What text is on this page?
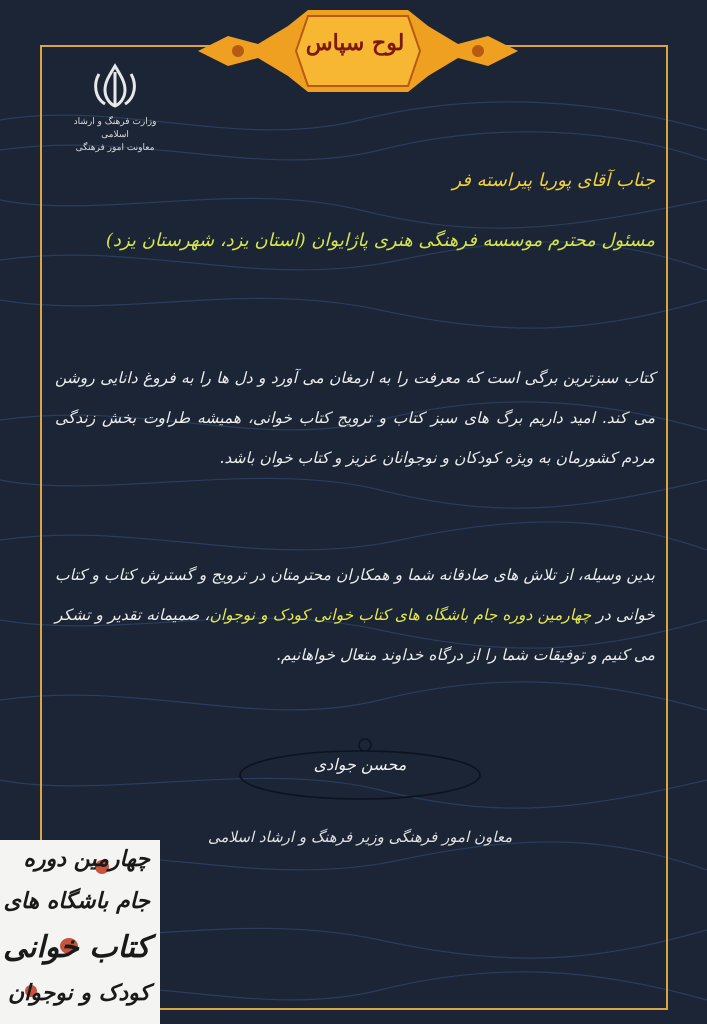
لوح سپاس
وزارت فرهنگ و ارشاد اسلامی
معاونت امور فرهنگی
جناب آقای پوریا پیراسته فر
مسئول محترم موسسه فرهنگی هنری پاژایوان (استان یزد، شهرستان یزد)

کتاب سبزترین برگی است که معرفت را به ارمغان می آورد و دل ها را به فروغ دانایی روشن می کند. امید داریم برگ های سبز کتاب و ترویج کتاب خوانی، همیشه طراوت بخش زندگی مردم کشورمان به ویژه کودکان و نوجوانان عزیز و کتاب خوان باشد.

بدین وسیله، از تلاش های صادقانه شما و همکاران محترمتان در ترویج و گسترش کتاب و کتاب خوانی در چهارمین دوره جام باشگاه های کتاب خوانی کودک و نوجوان، صمیمانه تقدیر و تشکر می کنیم و توفیقات شما را از درگاه خداوند متعال خواهانیم.

محسن جوادی
معاون امور فرهنگی وزیر فرهنگ و ارشاد اسلامی
چهارمین دوره
جام باشگاه های
کتاب خوانی
کودک و نوجوان
